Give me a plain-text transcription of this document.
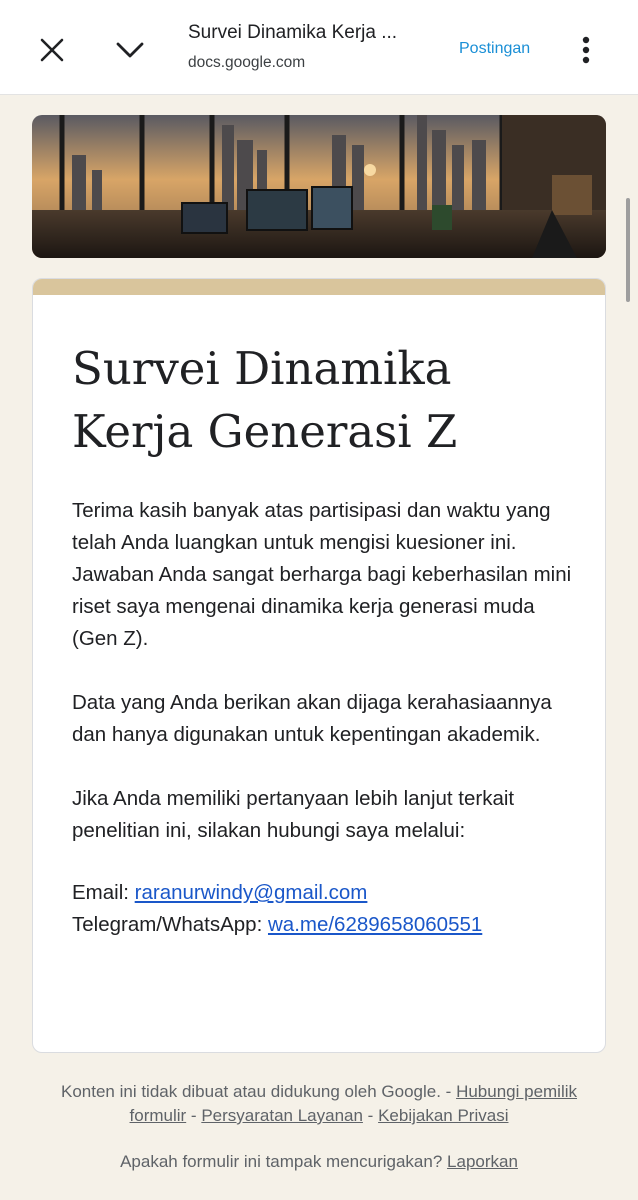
Survei Dinamika Kerja ...
docs.google.com
Postingan
Survei Dinamika Kerja Generasi Z

Terima kasih banyak atas partisipasi dan waktu yang telah Anda luangkan untuk mengisi kuesioner ini. Jawaban Anda sangat berharga bagi keberhasilan mini riset saya mengenai dinamika kerja generasi muda (Gen Z).

Data yang Anda berikan akan dijaga kerahasiaannya dan hanya digunakan untuk kepentingan akademik.

Jika Anda memiliki pertanyaan lebih lanjut terkait penelitian ini, silakan hubungi saya melalui:

Email: raranurwindy@gmail.com
Telegram/WhatsApp: wa.me/6289658060551
Konten ini tidak dibuat atau didukung oleh Google. - Hubungi pemilik formulir - Persyaratan Layanan - Kebijakan Privasi
Apakah formulir ini tampak mencurigakan? Laporkan
